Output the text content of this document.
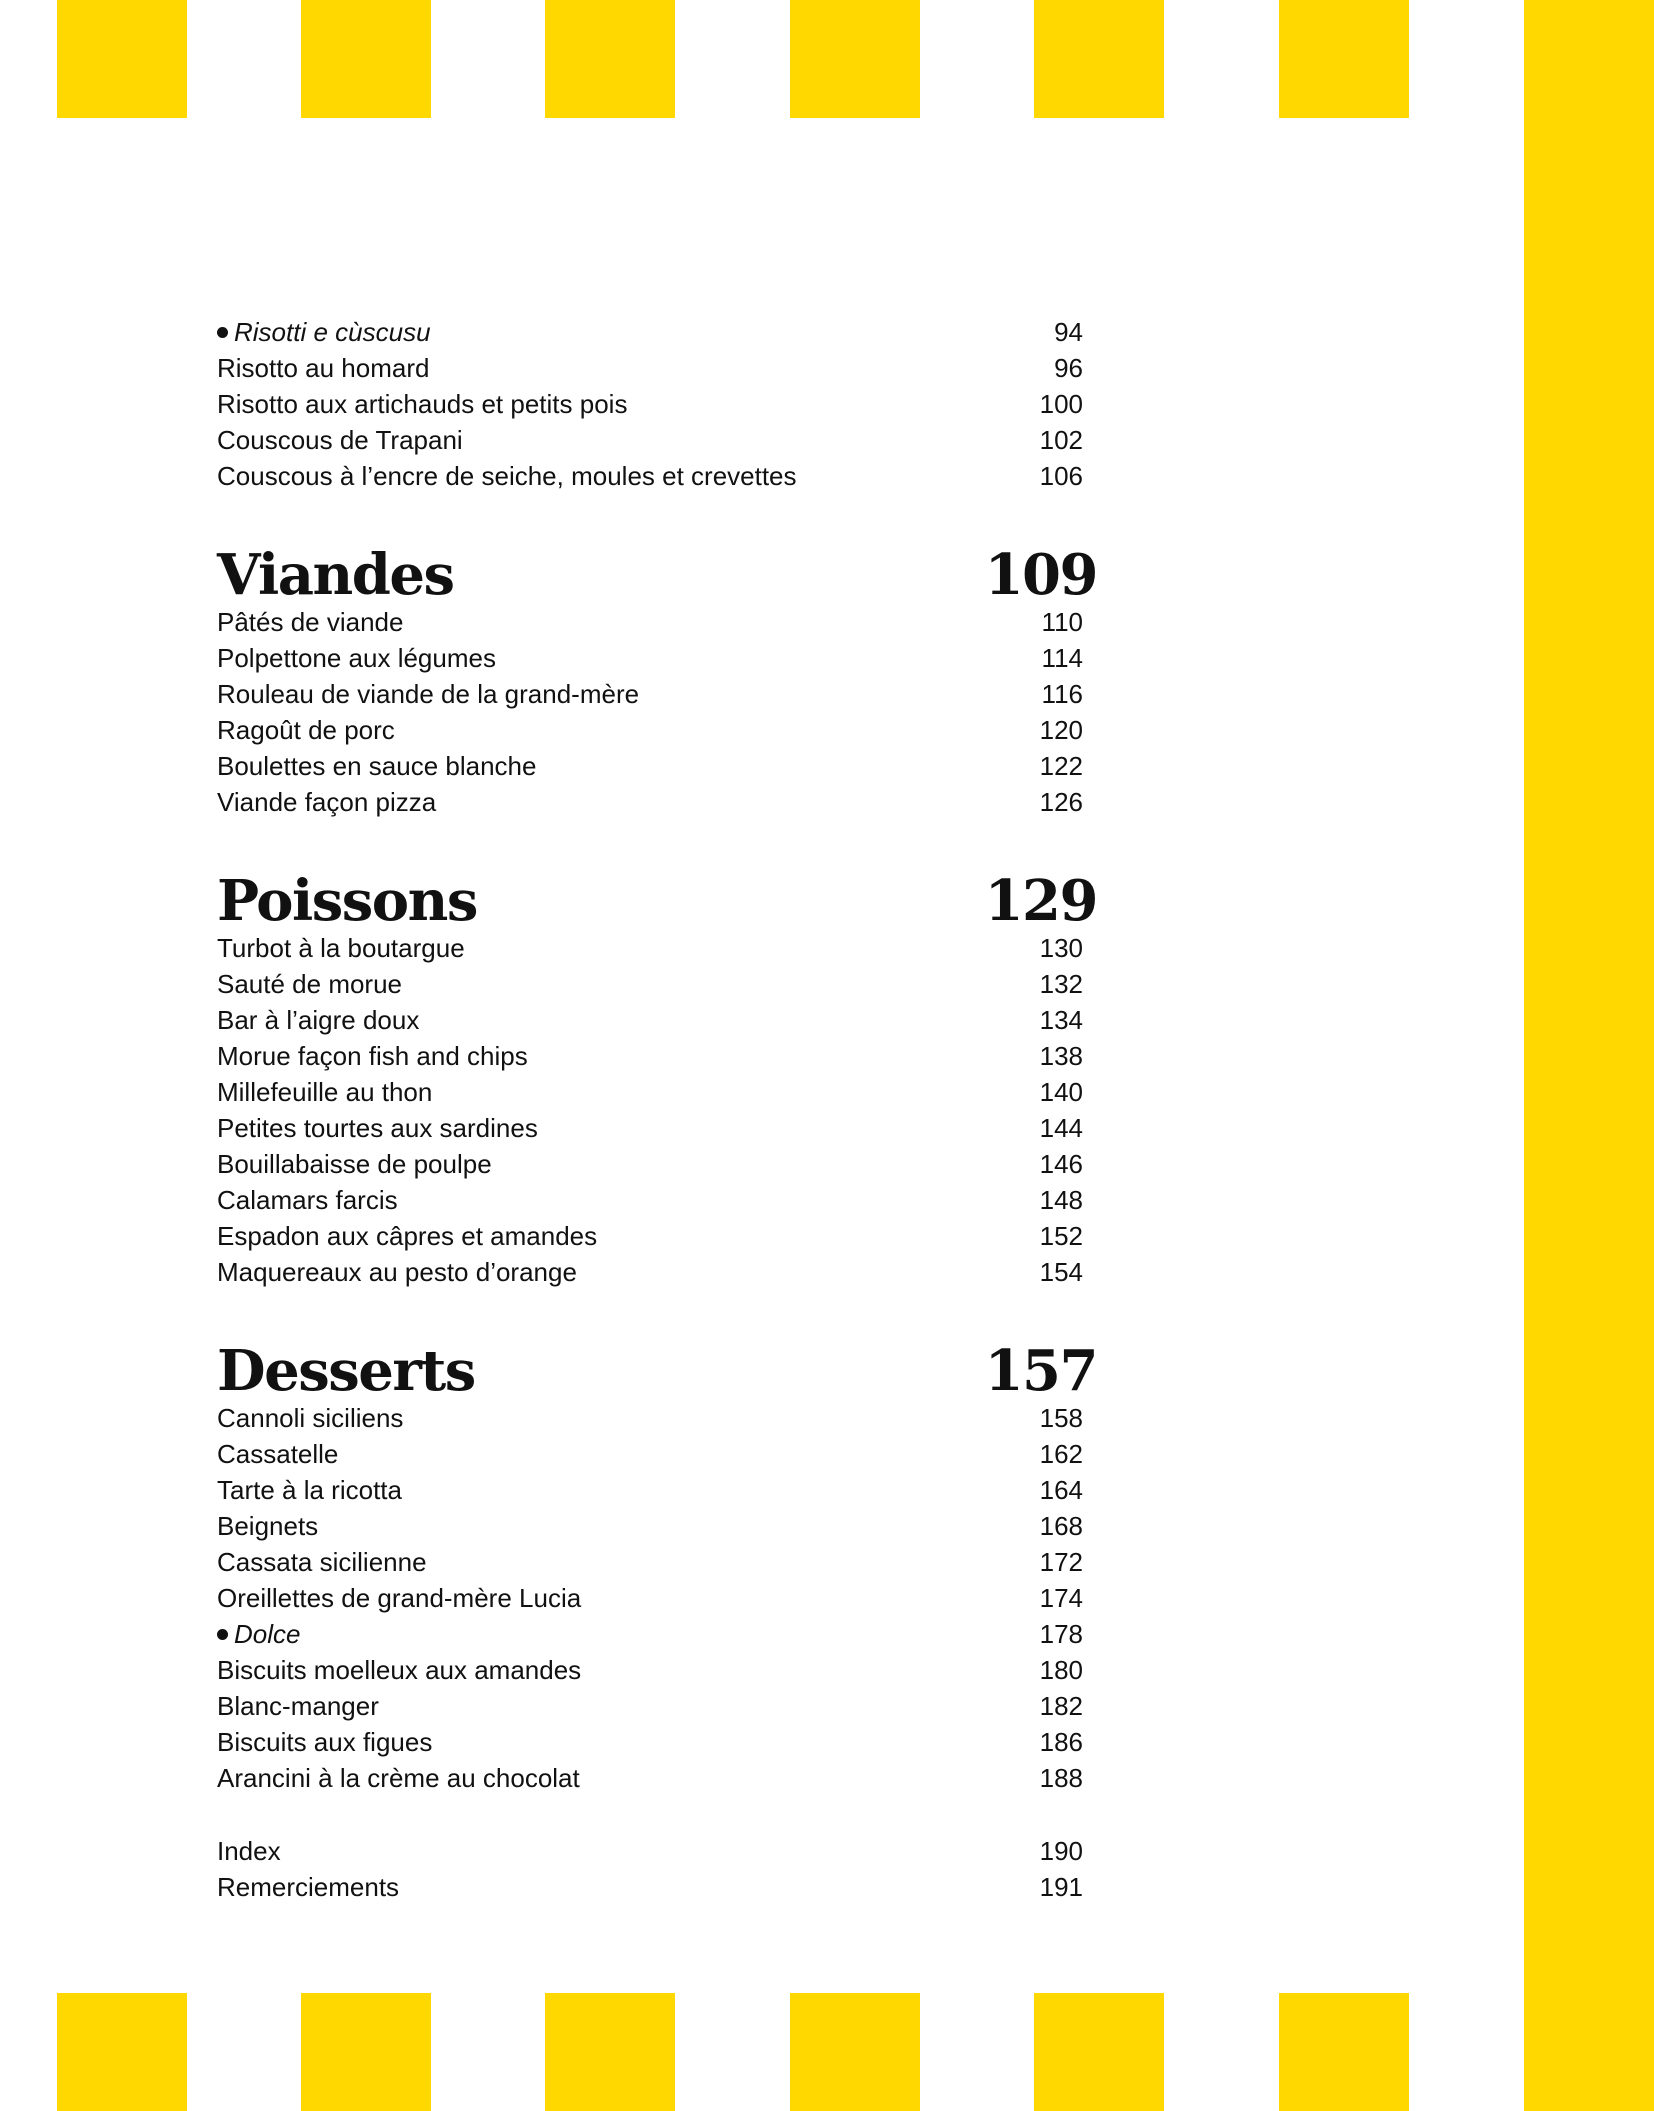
Risotti e cùscusu	94
Risotto au homard	96
Risotto aux artichauds et petits pois	100
Couscous de Trapani	102
Couscous à l’encre de seiche, moules et crevettes	106
Viandes	109
Pâtés de viande	110
Polpettone aux légumes	114
Rouleau de viande de la grand-mère	116
Ragoût de porc	120
Boulettes en sauce blanche	122
Viande façon pizza	126
Poissons	129
Turbot à la boutargue	130
Sauté de morue	132
Bar à l’aigre doux	134
Morue façon fish and chips	138
Millefeuille au thon	140
Petites tourtes aux sardines	144
Bouillabaisse de poulpe	146
Calamars farcis	148
Espadon aux câpres et amandes	152
Maquereaux au pesto d’orange	154
Desserts	157
Cannoli siciliens	158
Cassatelle	162
Tarte à la ricotta	164
Beignets	168
Cassata sicilienne	172
Oreillettes de grand-mère Lucia	174
Dolce	178
Biscuits moelleux aux amandes	180
Blanc-manger	182
Biscuits aux figues	186
Arancini à la crème au chocolat	188
Index	190
Remerciements	191
